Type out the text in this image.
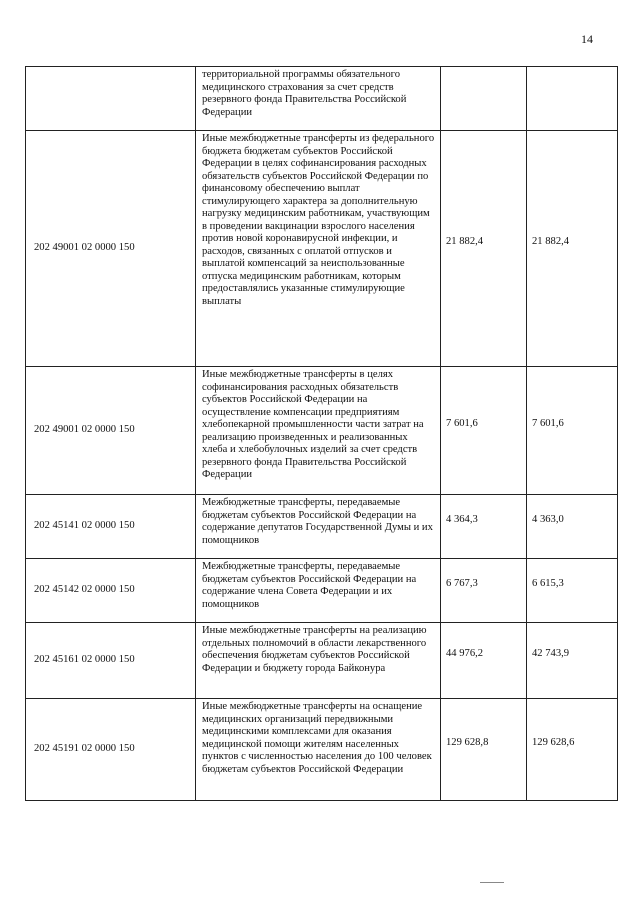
14
	территориальной программы обязательного медицинского страхования за счет средств резервного фонда Правительства Российской Федерации		
202 49001 02 0000 150	Иные межбюджетные трансферты из федерального бюджета бюджетам субъектов Российской Федерации в целях софинансирования расходных обязательств субъектов Российской Федерации по финансовому обеспечению выплат стимулирующего характера за дополнительную нагрузку медицинским работникам, участвующим в проведении вакцинации взрослого населения против новой коронавирусной инфекции, и расходов, связанных с оплатой отпусков и выплатой компенсаций за неиспользованные отпуска медицинским работникам, которым предоставлялись указанные стимулирующие выплаты	21 882,4	21 882,4
202 49001 02 0000 150	Иные межбюджетные трансферты в целях софинансирования расходных обязательств субъектов Российской Федерации на осуществление компенсации предприятиям хлебопекарной промышленности части затрат на реализацию произведенных и реализованных хлеба и хлебобулочных изделий за счет средств резервного фонда Правительства Российской Федерации	7 601,6	7 601,6
202 45141 02 0000 150	Межбюджетные трансферты, передаваемые бюджетам субъектов Российской Федерации на содержание депутатов Государственной Думы и их помощников	4 364,3	4 363,0
202 45142 02 0000 150	Межбюджетные трансферты, передаваемые бюджетам субъектов Российской Федерации на содержание члена Совета Федерации и их помощников	6 767,3	6 615,3
202 45161 02 0000 150	Иные межбюджетные трансферты на реализацию отдельных полномочий в области лекарственного обеспечения бюджетам субъектов Российской Федерации и бюджету города Байконура	44 976,2	42 743,9
202 45191 02 0000 150	Иные межбюджетные трансферты на оснащение медицинских организаций передвижными медицинскими комплексами для оказания медицинской помощи жителям населенных пунктов с численностью населения до 100 человек бюджетам субъектов Российской Федерации	129 628,8	129 628,6
